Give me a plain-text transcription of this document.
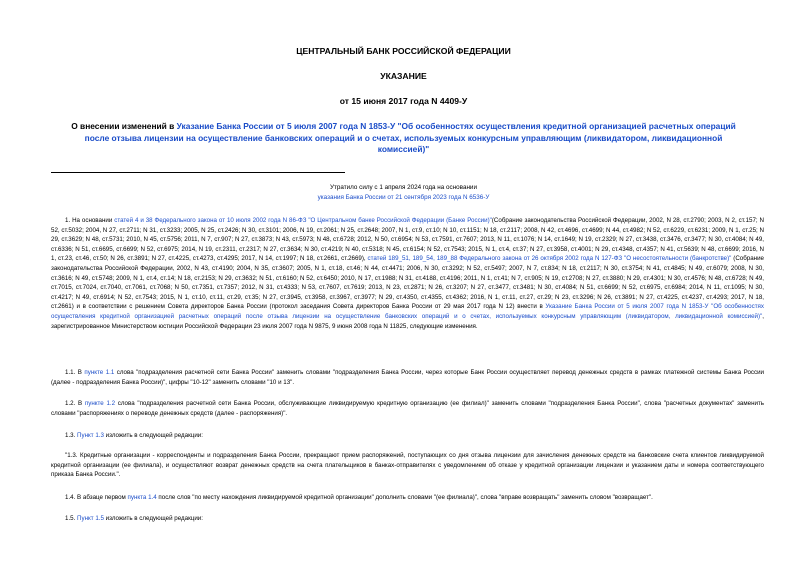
ЦЕНТРАЛЬНЫЙ БАНК РОССИЙСКОЙ ФЕДЕРАЦИИ
УКАЗАНИЕ
от 15 июня 2017 года N 4409-У
О внесении изменений в Указание Банка России от 5 июля 2007 года N 1853-У "Об особенностях осуществления кредитной организацией расчетных операций после отзыва лицензии на осуществление банковских операций и о счетах, используемых конкурсным управляющим (ликвидатором, ликвидационной комиссией)"
Утратило силу с 1 апреля 2024 года на основании
указания Банка России от 21 сентября 2023 года N 6536-У

1. На основании статей 4 и 38 Федерального закона от 10 июля 2002 года N 86-ФЗ "О Центральном банке Российской Федерации (Банке России)"(Собрание законодательства Российской Федерации, 2002, N 28, ст.2790; 2003, N 2, ст.157; N 52, ст.5032; 2004, N 27, ст.2711; N 31, ст.3233; 2005, N 25, ст.2426; N 30, ст.3101; 2006, N 19, ст.2061; N 25, ст.2648; 2007, N 1, ст.9, ст.10; N 10, ст.1151; N 18, ст.2117; 2008, N 42, ст.4696, ст.4699; N 44, ст.4982; N 52, ст.6229, ст.6231; 2009, N 1, ст.25; N 29, ст.3629; N 48, ст.5731; 2010, N 45, ст.5756; 2011, N 7, ст.907; N 27, ст.3873; N 43, ст.5973; N 48, ст.6728; 2012, N 50, ст.6954; N 53, ст.7591, ст.7607; 2013, N 11, ст.1076; N 14, ст.1649; N 19, ст.2329; N 27, ст.3438, ст.3476, ст.3477; N 30, ст.4084; N 49, ст.6336; N 51, ст.6695, ст.6699; N 52, ст.6975; 2014, N 19, ст.2311, ст.2317; N 27, ст.3634; N 30, ст.4219; N 40, ст.5318; N 45, ст.6154; N 52, ст.7543; 2015, N 1, ст.4, ст.37; N 27, ст.3958, ст.4001; N 29, ст.4348, ст.4357; N 41, ст.5639; N 48, ст.6699; 2016, N 1, ст.23, ст.46, ст.50; N 26, ст.3891; N 27, ст.4225, ст.4273, ст.4295; 2017, N 14, ст.1997; N 18, ст.2661, ст.2669), статей 189_51, 189_54, 189_88 Федерального закона от 26 октября 2002 года N 127-ФЗ "О несостоятельности (банкротстве)" (Собрание законодательства Российской Федерации, 2002, N 43, ст.4190; 2004, N 35, ст.3607; 2005, N 1, ст.18, ст.46; N 44, ст.4471; 2006, N 30, ст.3292; N 52, ст.5497; 2007, N 7, ст.834; N 18, ст.2117; N 30, ст.3754; N 41, ст.4845; N 49, ст.6079; 2008, N 30, ст.3616; N 49, ст.5748; 2009, N 1, ст.4, ст.14; N 18, ст.2153; N 29, ст.3632; N 51, ст.6160; N 52, ст.6450; 2010, N 17, ст.1988; N 31, ст.4188, ст.4196; 2011, N 1, ст.41; N 7, ст.905; N 19, ст.2708; N 27, ст.3880; N 29, ст.4301; N 30, ст.4576; N 48, ст.6728; N 49, ст.7015, ст.7024, ст.7040, ст.7061, ст.7068; N 50, ст.7351, ст.7357; 2012, N 31, ст.4333; N 53, ст.7607, ст.7619; 2013, N 23, ст.2871; N 26, ст.3207; N 27, ст.3477, ст.3481; N 30, ст.4084; N 51, ст.6699; N 52, ст.6975, ст.6984; 2014, N 11, ст.1095; N 30, ст.4217; N 49, ст.6914; N 52, ст.7543; 2015, N 1, ст.10, ст.11, ст.29, ст.35; N 27, ст.3945, ст.3958, ст.3967, ст.3977; N 29, ст.4350, ст.4355, ст.4362; 2016, N 1, ст.11, ст.27, ст.29; N 23, ст.3296; N 26, ст.3891; N 27, ст.4225, ст.4237, ст.4293; 2017, N 18, ст.2661) и в соответствии с решением Совета директоров Банка России (протокол заседания Совета директоров Банка России от 29 мая 2017 года N 12) внести в Указание Банка России от 5 июля 2007 года N 1853-У "Об особенностях осуществления кредитной организацией расчетных операций после отзыва лицензии на осуществление банковских операций и о счетах, используемых конкурсным управляющим (ликвидатором, ликвидационной комиссией)", зарегистрированное Министерством юстиции Российской Федерации 23 июля 2007 года N 9875, 9 июня 2008 года N 11825, следующие изменения.

1.1. В пункте 1.1 слова "подразделения расчетной сети Банка России" заменить словами "подразделения Банка России, через которые Банк России осуществляет перевод денежных средств в рамках платежной системы Банка России (далее - подразделения Банка России)", цифры "10-12" заменить словами "10 и 13".

1.2. В пункте 1.2 слова "подразделения расчетной сети Банка России, обслуживающие ликвидируемую кредитную организацию (ее филиал)" заменить словами "подразделения Банка России", слова "расчетных документах" заменить словами "распоряжениях о переводе денежных средств (далее - распоряжения)".

1.3. Пункт 1.3 изложить в следующей редакции:

"1.3. Кредитные организации - корреспонденты и подразделения Банка России, прекращают прием распоряжений, поступающих со дня отзыва лицензии для зачисления денежных средств на банковские счета клиентов ликвидируемой кредитной организации (ее филиала), и осуществляют возврат денежных средств на счета плательщиков в банках-отправителях с уведомлением об отказе у кредитной организации лицензии и указанием даты и номера соответствующего приказа Банка России.".

1.4. В абзаце первом пункта 1.4 после слов "по месту нахождения ликвидируемой кредитной организации" дополнить словами "(ее филиала)", слова "вправе возвращать" заменить словом "возвращает".

1.5. Пункт 1.5 изложить в следующей редакции:
